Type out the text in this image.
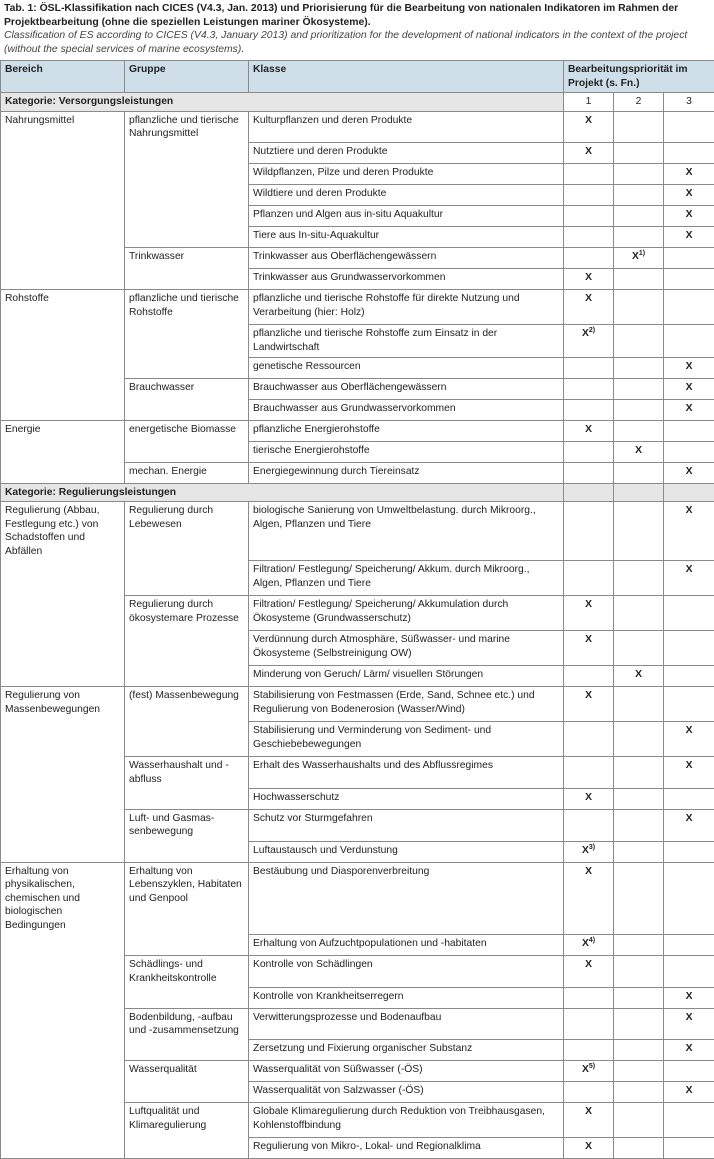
Tab. 1: ÖSL-Klassifikation nach CICES (V4.3, Jan. 2013) und Priorisierung für die Bearbeitung von nationalen Indikatoren im Rahmen der Projektbearbeitung (ohne die speziellen Leistungen mariner Ökosysteme).
Classification of ES according to CICES (V4.3, January 2013) and prioritization for the development of national indicators in the context of the project (without the special services of marine ecosystems).
Bereich	Gruppe	Klasse	Bearbeitungspriorität im Projekt (s. Fn.)		
Kategorie: Versorgungsleistungen			1	2	3
Nahrungsmittel	pflanzliche und tierische Nahrungsmittel	Kulturpflanzen und deren Produkte	X		
		Nutztiere und deren Produkte	X		
		Wildpflanzen, Pilze und deren Produkte			X
		Wildtiere und deren Produkte			X
		Pflanzen und Algen aus in-situ Aquakultur			X
		Tiere aus In-situ-Aquakultur			X
	Trinkwasser	Trinkwasser aus Oberflächengewässern		$X^{1)}$	
		Trinkwasser aus Grundwasservorkommen	X		
Rohstoffe	pflanzliche und tierische Rohstoffe	pflanzliche und tierische Rohstoffe für direkte Nutzung und Verarbeitung (hier: Holz)	X		
		pflanzliche und tierische Rohstoffe zum Einsatz in der Landwirtschaft	$X^{2)}$		
		genetische Ressourcen			X
	Brauchwasser	Brauchwasser aus Oberflächengewässern			X
		Brauchwasser aus Grundwasservorkommen			X
Energie	energetische Biomasse	pflanzliche Energierohstoffe	X		
		tierische Energierohstoffe		X	
	mechan. Energie	Energiegewinnung durch Tiereinsatz			X
Kategorie: Regulierungsleistungen					
Regulierung (Abbau, Festlegung etc.) von Schadstoffen und Abfällen	Regulierung durch Lebewesen	biologische Sanierung von Umweltbelastung. durch Mikroorg., Algen, Pflanzen und Tiere			X
		Filtration/ Festlegung/ Speicherung/ Akkum. durch Mikroorg., Algen, Pflanzen und Tiere			X
	Regulierung durch ökosystemare Prozesse	Filtration/ Festlegung/ Speicherung/ Akkumulation durch Ökosysteme (Grundwasserschutz)	X		
		Verdünnung durch Atmosphäre, Süßwasser- und marine Ökosysteme (Selbstreinigung OW)	X		
		Minderung von Geruch/ Lärm/ visuellen Störungen		X	
Regulierung von Massenbewegungen	(fest) Massenbewegung	Stabilisierung von Festmassen (Erde, Sand, Schnee etc.) und Regulierung von Bodenerosion (Wasser/Wind)	X		
		Stabilisierung und Verminderung von Sediment- und Geschiebebewegungen			X
	Wasserhaushalt und -abfluss	Erhalt des Wasserhaushalts und des Abflussregimes			X
		Hochwasserschutz	X		
	Luft- und Gasmas-senbewegung	Schutz vor Sturmgefahren			X
		Luftaustausch und Verdunstung	$X^{3)}$		
Erhaltung von physikalischen, chemischen und biologischen Bedingungen	Erhaltung von Lebenszyklen, Habitaten und Genpool	Bestäubung und Diasporenverbreitung	X		
		Erhaltung von Aufzuchtpopulationen und -habitaten	$X^{4)}$		
	Schädlings- und Krankheitskontrolle	Kontrolle von Schädlingen	X		
		Kontrolle von Krankheitserregern			X
	Bodenbildung, -aufbau und -zusammensetzung	Verwitterungsprozesse und Bodenaufbau			X
		Zersetzung und Fixierung organischer Substanz			X
	Wasserqualität	Wasserqualität von Süßwasser (-ÖS)	$X^{5)}$		
		Wasserqualität von Salzwasser (-ÖS)			X
	Luftqualität und Klimaregulierung	Globale Klimaregulierung durch Reduktion von Treibhausgasen, Kohlenstoffbindung	X		
		Regulierung von Mikro-, Lokal- und Regionalklima	X		
